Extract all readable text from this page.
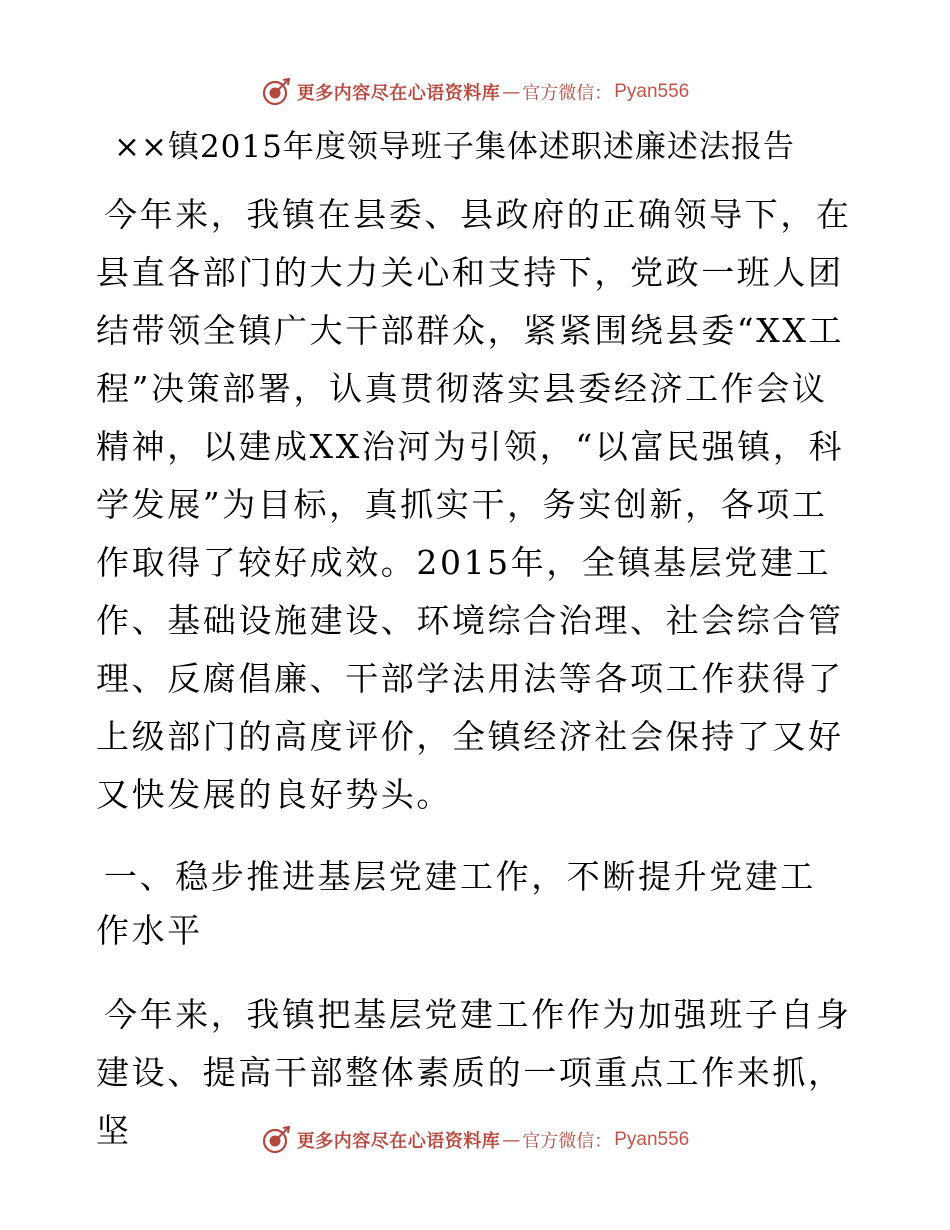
更多内容尽在心语资料库 — 官方微信： Pyan556
××镇2015年度领导班子集体述职述廉述法报告

今年来，我镇在县委、县政府的正确领导下，在县直各部门的大力关心和支持下，党政一班人团结带领全镇广大干部群众，紧紧围绕县委“XX工程”决策部署，认真贯彻落实县委经济工作会议精神，以建成XX治河为引领，“以富民强镇，科学发展”为目标，真抓实干，务实创新，各项工作取得了较好成效。2015年，全镇基层党建工作、基础设施建设、环境综合治理、社会综合管理、反腐倡廉、干部学法用法等各项工作获得了上级部门的高度评价，全镇经济社会保持了又好又快发展的良好势头。

一、稳步推进基层党建工作，不断提升党建工作水平

今年来，我镇把基层党建工作作为加强班子自身建设、提高干部整体素质的一项重点工作来抓，坚	更多内容尽在心语资料库 — 官方微信： Pyan556
